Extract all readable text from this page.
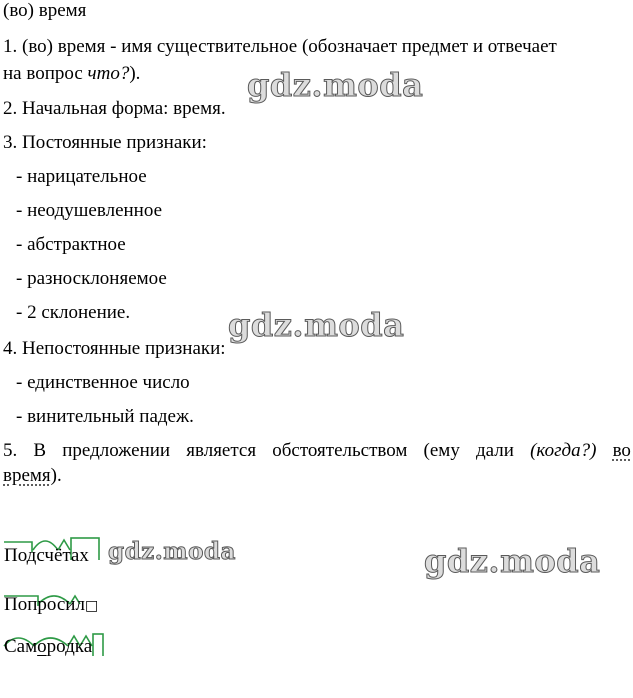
(во) время
1. (во) время - имя существительное (обозначает предмет и отвечает
на вопрос что?).
2. Начальная форма: время.
3. Постоянные признаки:
- нарицательное
- неодушевленное
- абстрактное
- разносклоняемое
- 2 склонение.
4. Непостоянные признаки:
- единственное число
- винительный падеж.
5. В предложении является обстоятельством (ему дали (когда?) во
время).
Подсчётах
Попросил□
Самородка
gdz.moda
gdz.moda
gdz.moda	gdz.moda
